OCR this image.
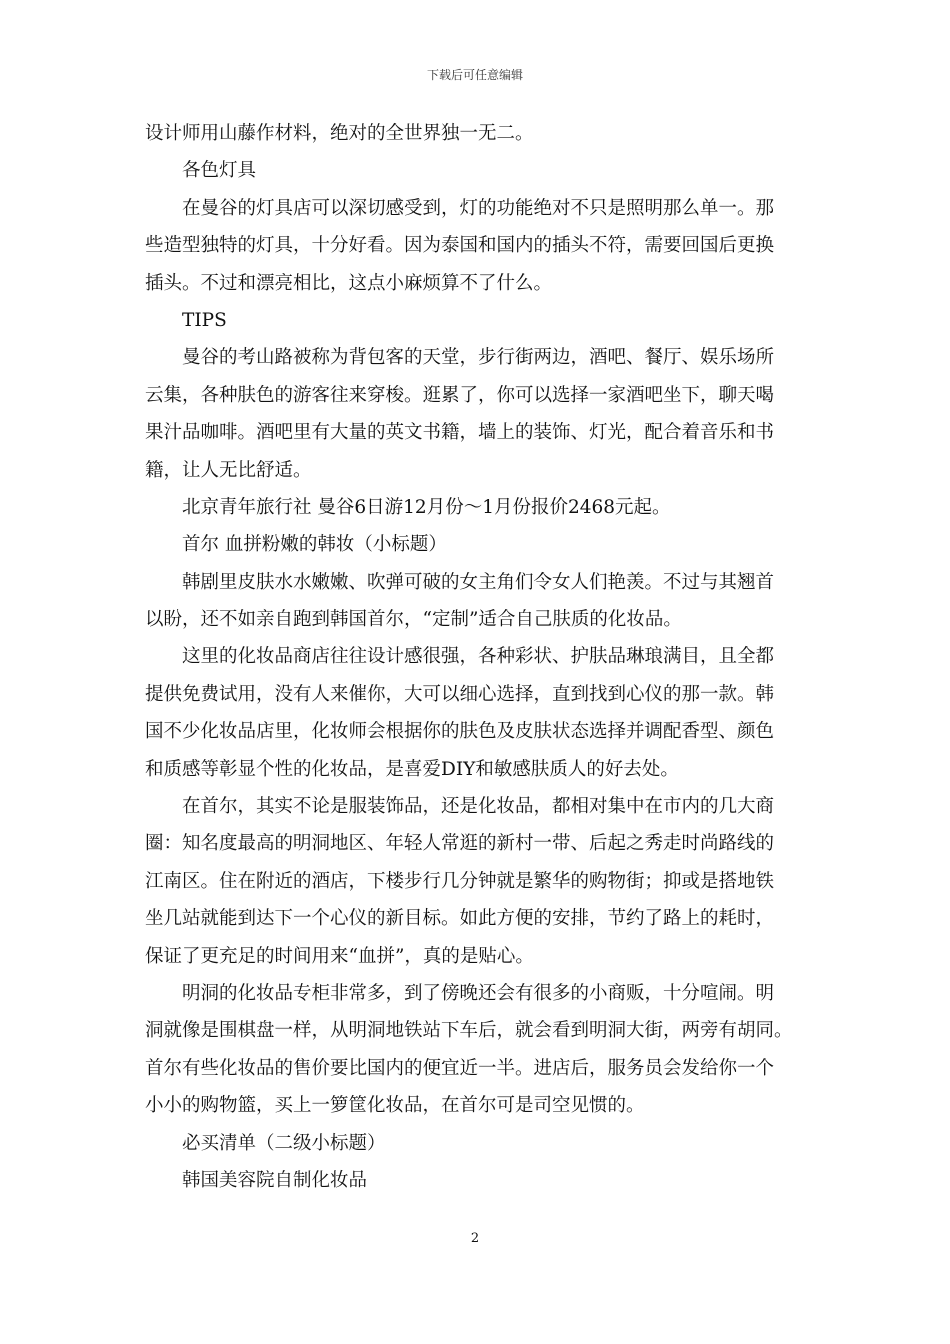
下载后可任意编辑
设计师用山藤作材料，绝对的全世界独一无二。
各色灯具
在曼谷的灯具店可以深切感受到，灯的功能绝对不只是照明那么单一。那
些造型独特的灯具，十分好看。因为泰国和国内的插头不符，需要回国后更换
插头。不过和漂亮相比，这点小麻烦算不了什么。
TIPS
曼谷的考山路被称为背包客的天堂，步行街两边，酒吧、餐厅、娱乐场所
云集，各种肤色的游客往来穿梭。逛累了，你可以选择一家酒吧坐下，聊天喝
果汁品咖啡。酒吧里有大量的英文书籍，墙上的装饰、灯光，配合着音乐和书
籍，让人无比舒适。
北京青年旅行社 曼谷6日游12月份～1月份报价2468元起。
首尔 血拼粉嫩的韩妆（小标题）
韩剧里皮肤水水嫩嫩、吹弹可破的女主角们令女人们艳羡。不过与其翘首
以盼，还不如亲自跑到韩国首尔，“定制”适合自己肤质的化妆品。
这里的化妆品商店往往设计感很强，各种彩状、护肤品琳琅满目，且全都
提供免费试用，没有人来催你，大可以细心选择，直到找到心仪的那一款。韩
国不少化妆品店里，化妆师会根据你的肤色及皮肤状态选择并调配香型、颜色
和质感等彰显个性的化妆品，是喜爱DIY和敏感肤质人的好去处。
在首尔，其实不论是服装饰品，还是化妆品，都相对集中在市内的几大商
圈：知名度最高的明洞地区、年轻人常逛的新村一带、后起之秀走时尚路线的
江南区。住在附近的酒店，下楼步行几分钟就是繁华的购物街；抑或是搭地铁
坐几站就能到达下一个心仪的新目标。如此方便的安排，节约了路上的耗时，
保证了更充足的时间用来“血拼”，真的是贴心。
明洞的化妆品专柜非常多，到了傍晚还会有很多的小商贩，十分喧闹。明
洞就像是围棋盘一样，从明洞地铁站下车后，就会看到明洞大街，两旁有胡同。
首尔有些化妆品的售价要比国内的便宜近一半。进店后，服务员会发给你一个
小小的购物篮，买上一箩筐化妆品，在首尔可是司空见惯的。
必买清单（二级小标题）
韩国美容院自制化妆品
2
